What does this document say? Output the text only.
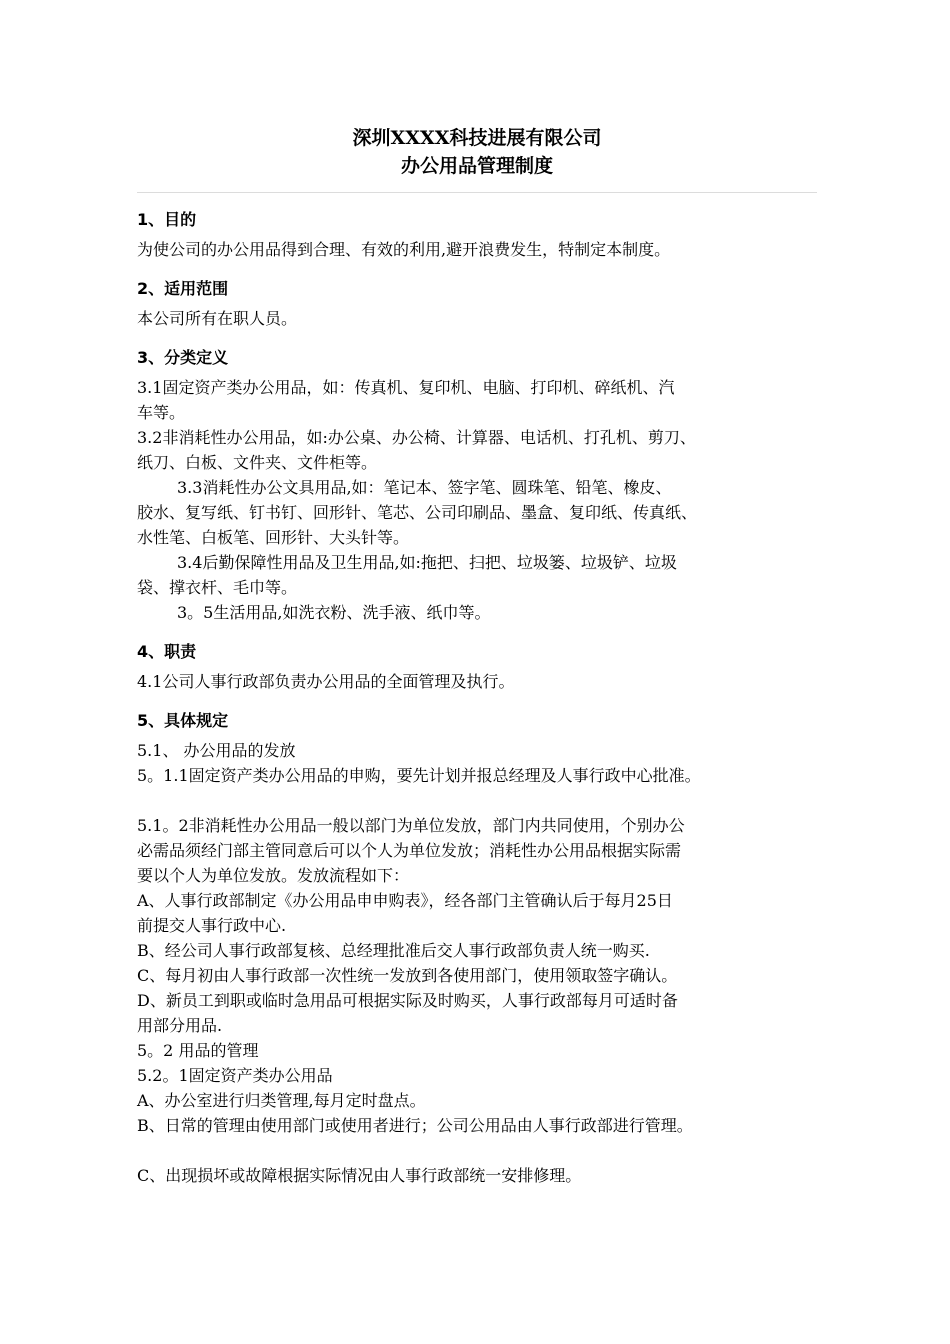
深圳XXXX科技进展有限公司
办公用品管理制度
1、目的
为使公司的办公用品得到合理、有效的利用,避开浪费发生，特制定本制度。
2、适用范围
本公司所有在职人员。
3、分类定义
3.1固定资产类办公用品，如：传真机、复印机、电脑、打印机、碎纸机、汽
车等。
3.2非消耗性办公用品，如:办公桌、办公椅、计算器、电话机、打孔机、剪刀、
纸刀、白板、文件夹、文件柜等。
3.3消耗性办公文具用品,如：笔记本、签字笔、圆珠笔、铅笔、橡皮、
胶水、复写纸、钉书钉、回形针、笔芯、公司印刷品、墨盒、复印纸、传真纸、
水性笔、白板笔、回形针、大头针等。
3.4后勤保障性用品及卫生用品,如:拖把、扫把、垃圾篓、垃圾铲、垃圾
袋、撑衣杆、毛巾等。
3。5生活用品,如洗衣粉、洗手液、纸巾等。
4、职责
4.1公司人事行政部负责办公用品的全面管理及执行。
5、具体规定
5.1、 办公用品的发放
5。1.1固定资产类办公用品的申购，要先计划并报总经理及人事行政中心批准。
5.1。2非消耗性办公用品一般以部门为单位发放，部门内共同使用，个别办公
必需品须经门部主管同意后可以个人为单位发放；消耗性办公用品根据实际需
要以个人为单位发放。发放流程如下：
A、人事行政部制定《办公用品申申购表》，经各部门主管确认后于每月25日
前提交人事行政中心.
B、经公司人事行政部复核、总经理批准后交人事行政部负责人统一购买.
C、每月初由人事行政部一次性统一发放到各使用部门，使用领取签字确认。
D、新员工到职或临时急用品可根据实际及时购买，人事行政部每月可适时备
用部分用品.
5。2 用品的管理
5.2。1固定资产类办公用品
A、办公室进行归类管理,每月定时盘点。
B、日常的管理由使用部门或使用者进行；公司公用品由人事行政部进行管理。
C、出现损坏或故障根据实际情况由人事行政部统一安排修理。
